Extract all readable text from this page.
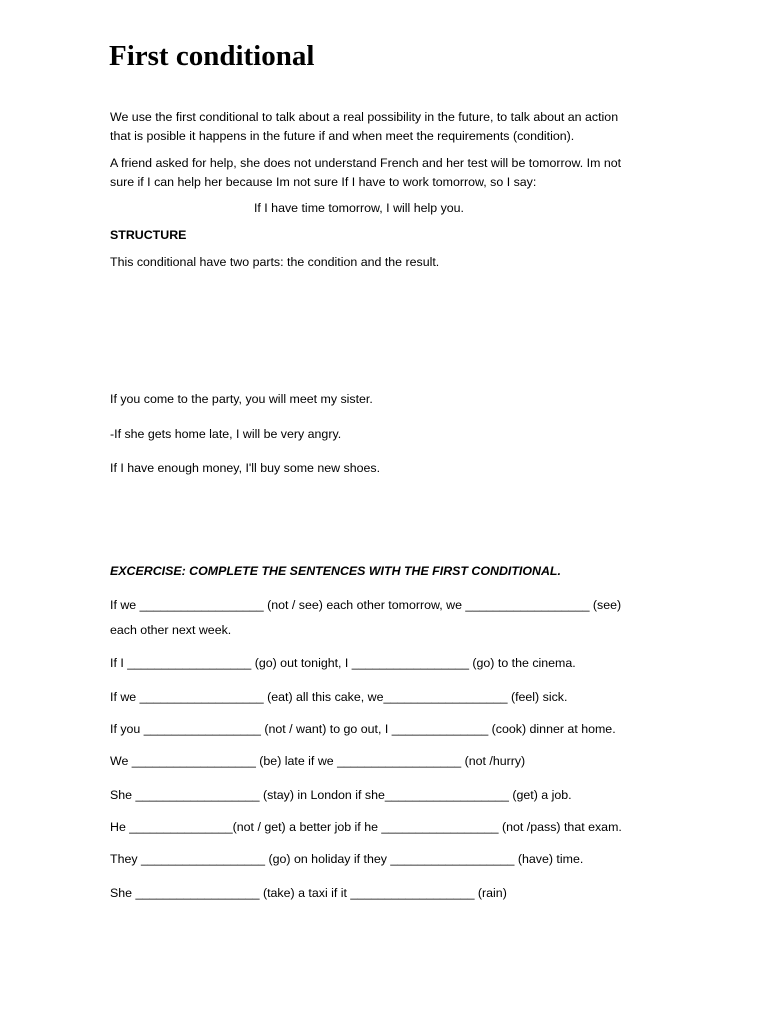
First conditional

We use the first conditional to talk about a real possibility in the future, to talk about an action

that is posible it happens in the future if and when meet the requirements (condition).

A friend asked for help, she does not understand French and her test will be tomorrow. Im not

sure if I can help her because Im not sure If I have to work tomorrow, so I say:

If I have time tomorrow, I will help you.

STRUCTURE

This conditional have two parts: the condition and the result.

If you come to the party, you will meet my sister.

-If she gets home late, I will be very angry.

If I have enough money, I'll buy some new shoes.

EXCERCISE: COMPLETE THE SENTENCES WITH THE FIRST CONDITIONAL.

If we __________________ (not / see) each other tomorrow, we __________________ (see)

each other next week.

If I __________________ (go) out tonight, I _________________ (go) to the cinema.

If we __________________ (eat) all this cake, we__________________ (feel) sick.

If you _________________ (not / want) to go out, I ______________ (cook) dinner at home.

We __________________ (be) late if we __________________ (not /hurry)

She __________________ (stay) in London if she__________________ (get) a job.

He _______________(not / get) a better job if he _________________ (not /pass) that exam.

They __________________ (go) on holiday if they __________________ (have) time.

She __________________ (take) a taxi if it __________________ (rain)
